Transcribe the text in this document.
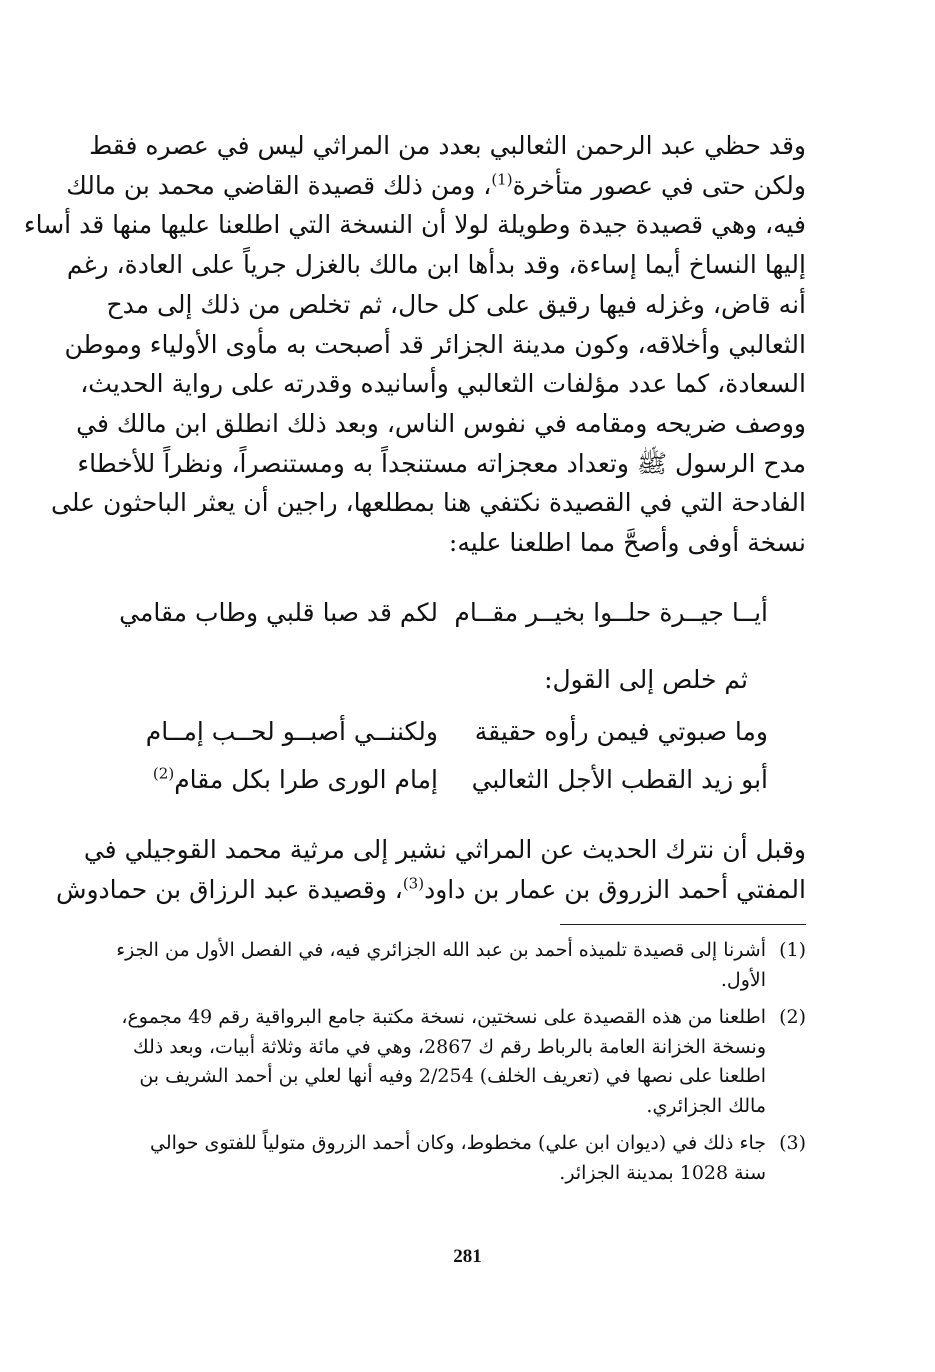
وقد حظي عبد الرحمن الثعالبي بعدد من المراثي ليس في عصره فقط
ولكن حتى في عصور متأخرة$^{(1)}$، ومن ذلك قصيدة القاضي محمد بن مالك
فيه، وهي قصيدة جيدة وطويلة لولا أن النسخة التي اطلعنا عليها منها قد أساء
إليها النساخ أيما إساءة، وقد بدأها ابن مالك بالغزل جرياً على العادة، رغم
أنه قاض، وغزله فيها رقيق على كل حال، ثم تخلص من ذلك إلى مدح
الثعالبي وأخلاقه، وكون مدينة الجزائر قد أصبحت به مأوى الأولياء وموطن
السعادة، كما عدد مؤلفات الثعالبي وأسانيده وقدرته على رواية الحديث،
ووصف ضريحه ومقامه في نفوس الناس، وبعد ذلك انطلق ابن مالك في
مدح الرسول ﷺ وتعداد معجزاته مستنجداً به ومستنصراً، ونظراً للأخطاء
الفادحة التي في القصيدة نكتفي هنا بمطلعها، راجين أن يعثر الباحثون على
نسخة أوفى وأصحَّ مما اطلعنا عليه:
أيــا جيــرة حلــوا بخيــر مقــام
لكم قد صبا قلبي وطاب مقامي
ثم خلص إلى القول:
وما صبوتي فيمن رأوه حقيقة
ولكننــي أصبــو لحــب إمــام
أبو زيد القطب الأجل الثعالبي
إمام الورى طرا بكل مقام$^{(2)}$
وقبل أن نترك الحديث عن المراثي نشير إلى مرثية محمد القوجيلي في
المفتي أحمد الزروق بن عمار بن داود$^{(3)}$، وقصيدة عبد الرزاق بن حمادوش
(1)
أشرنا إلى قصيدة تلميذه أحمد بن عبد الله الجزائري فيه، في الفصل الأول من الجزء
الأول.
(2)
اطلعنا من هذه القصيدة على نسختين، نسخة مكتبة جامع البرواقية رقم 49 مجموع،
ونسخة الخزانة العامة بالرباط رقم ك 2867، وهي في مائة وثلاثة أبيات، وبعد ذلك
اطلعنا على نصها في (تعريف الخلف) 2/254 وفيه أنها لعلي بن أحمد الشريف بن
مالك الجزائري.
(3)
جاء ذلك في (ديوان ابن علي) مخطوط، وكان أحمد الزروق متولياً للفتوى حوالي
سنة 1028 بمدينة الجزائر.
281
